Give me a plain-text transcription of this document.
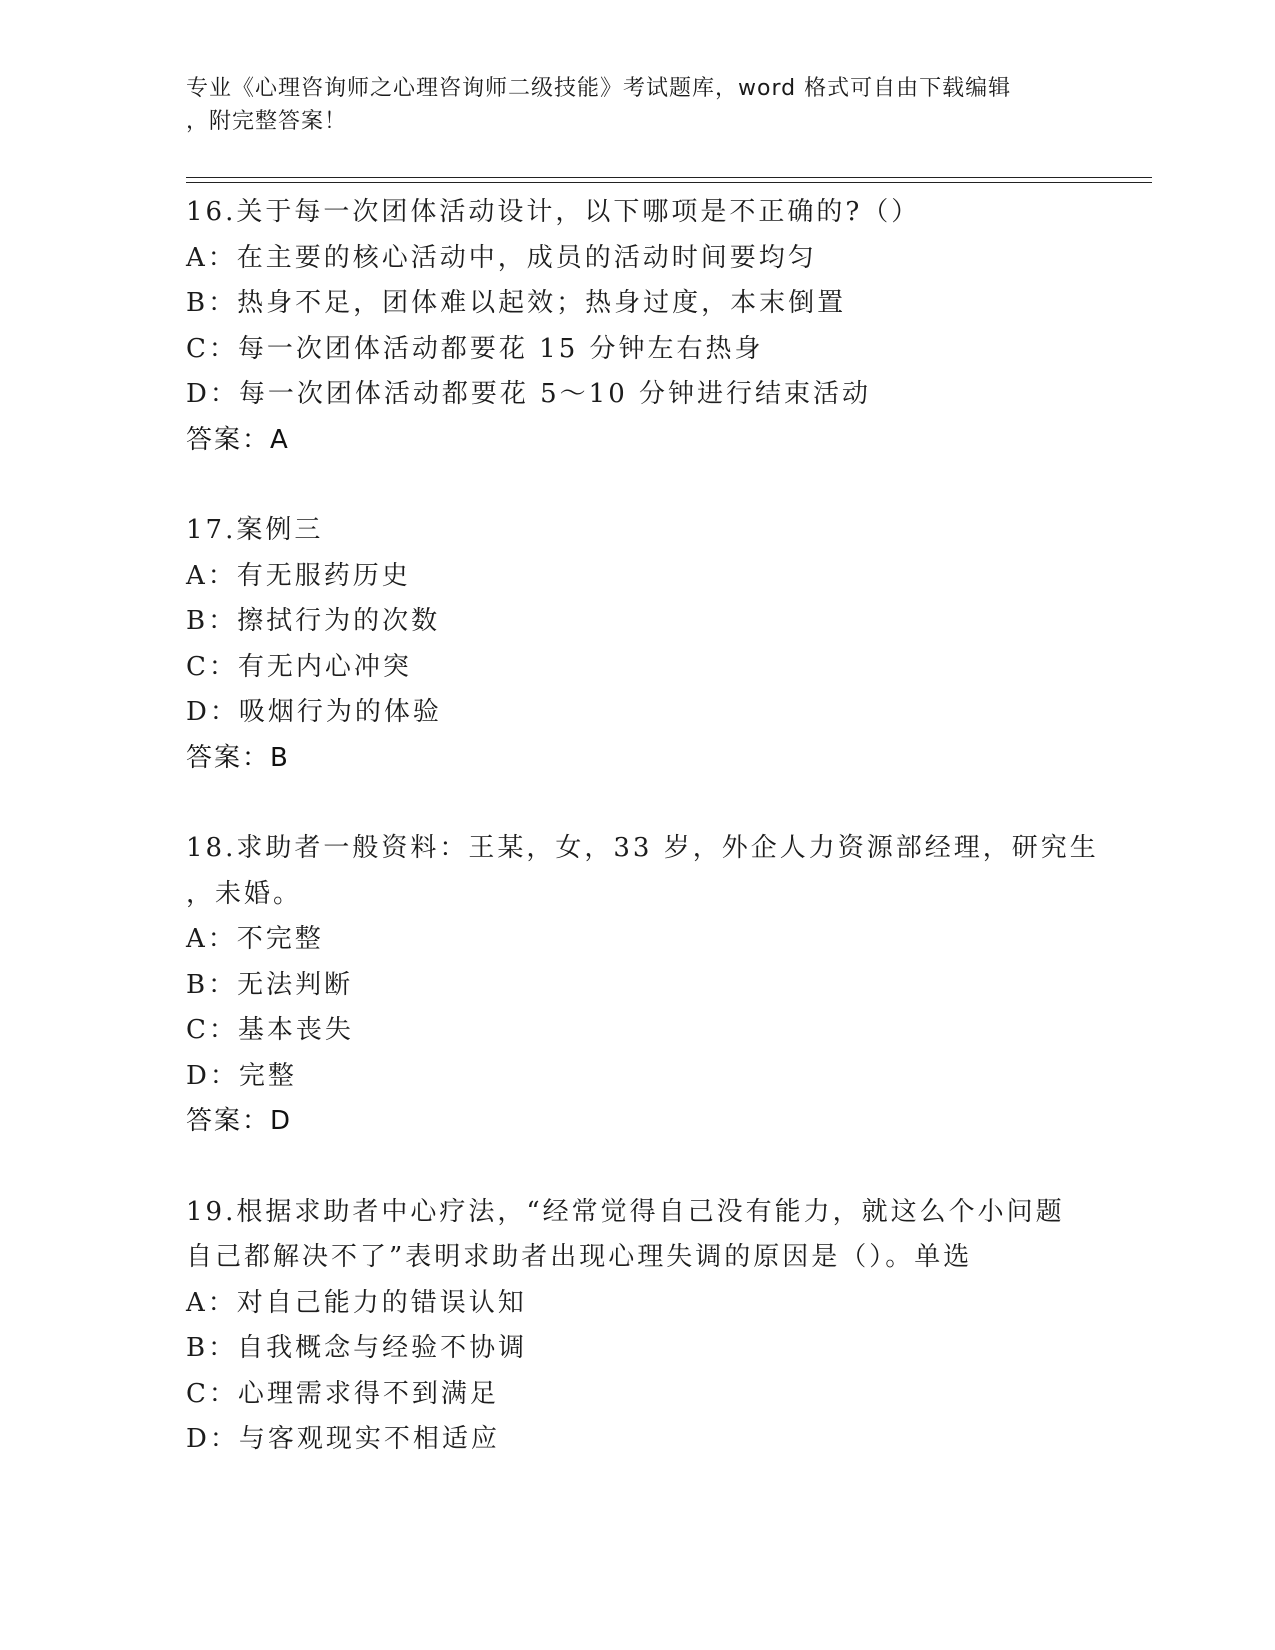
专业《心理咨询师之心理咨询师二级技能》考试题库，word 格式可自由下载编辑
，附完整答案！
16.关于每一次团体活动设计，以下哪项是不正确的?（）
A：在主要的核心活动中，成员的活动时间要均匀
B：热身不足，团体难以起效；热身过度，本末倒置
C：每一次团体活动都要花 15 分钟左右热身
D：每一次团体活动都要花 5～10 分钟进行结束活动
答案：A
17.案例三
A：有无服药历史
B：擦拭行为的次数
C：有无内心冲突
D：吸烟行为的体验
答案：B
18.求助者一般资料：王某，女，33 岁，外企人力资源部经理，研究生
，未婚。
A：不完整
B：无法判断
C：基本丧失
D：完整
答案：D
19.根据求助者中心疗法，“经常觉得自己没有能力，就这么个小问题
自己都解决不了”表明求助者出现心理失调的原因是（）。单选
A：对自己能力的错误认知
B：自我概念与经验不协调
C：心理需求得不到满足
D：与客观现实不相适应
